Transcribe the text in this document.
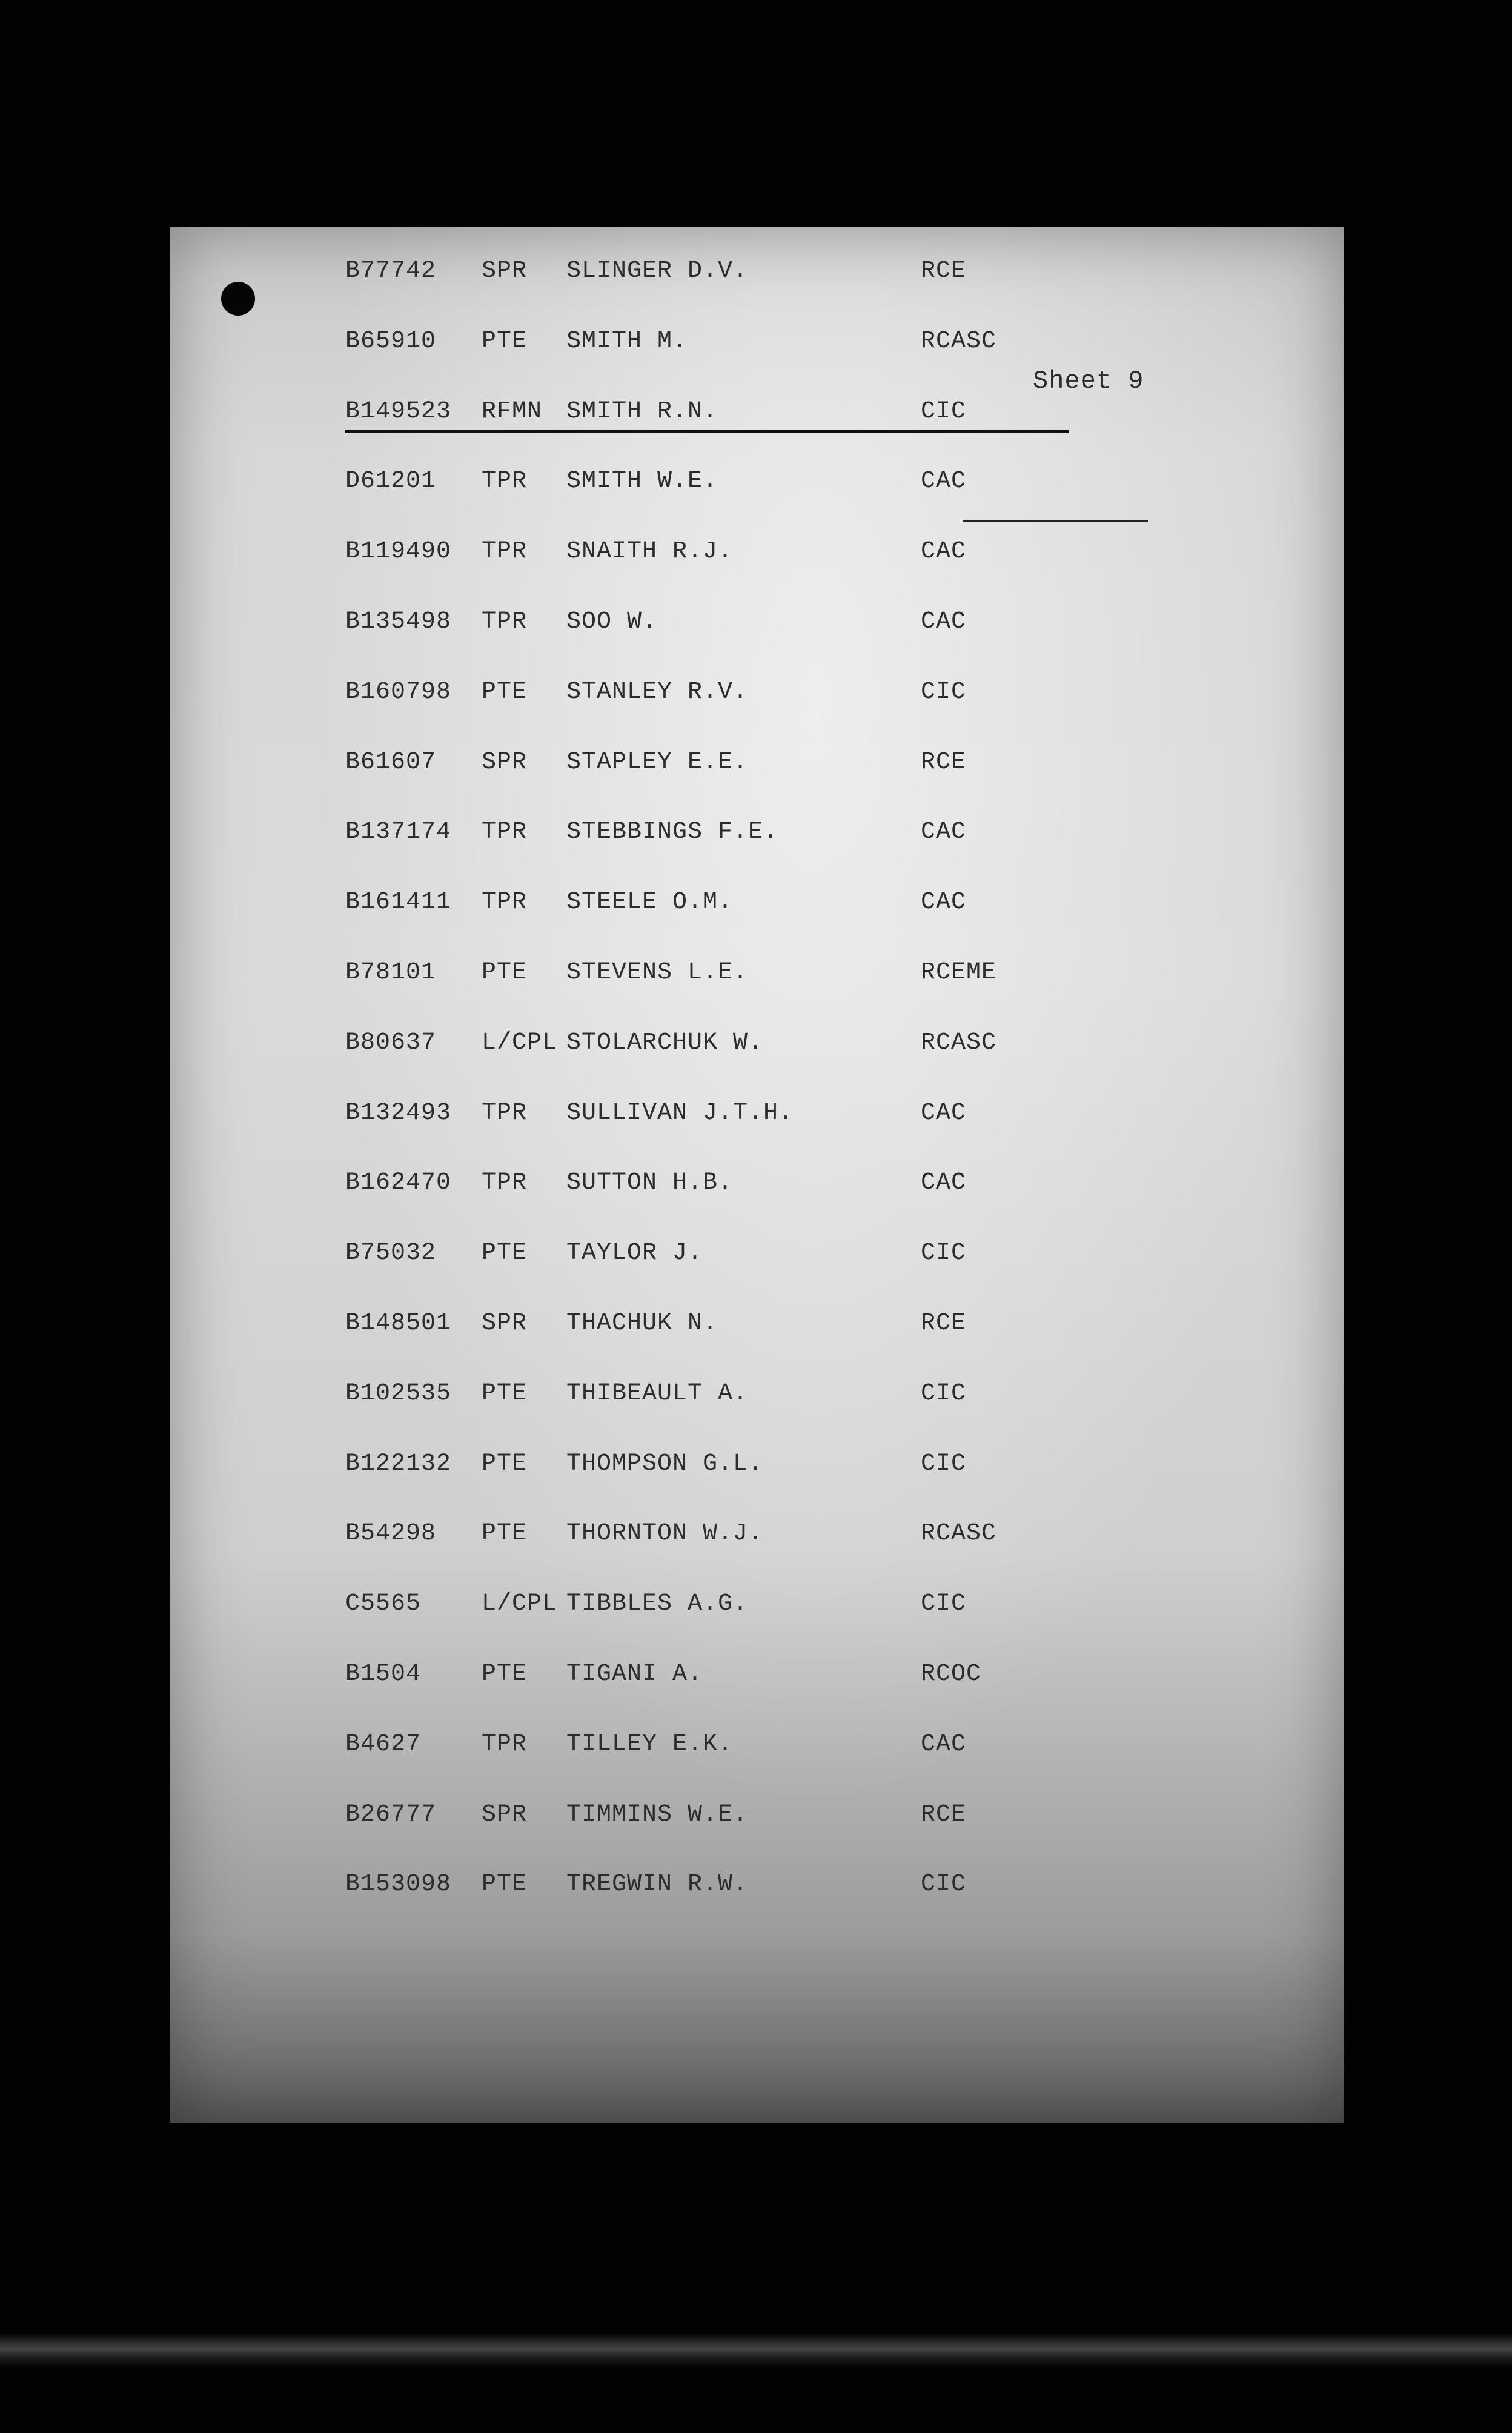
Sheet 9
B77742 SPR SLINGER D.V.	RCE
B65910 PTE SMITH M.	RCASC
B149523 RFMN SMITH R.N.	CIC
D61201 TPR SMITH W.E.	CAC
B119490 TPR SNAITH R.J.	CAC
B135498 TPR SOO W.	CAC
B160798 PTE STANLEY R.V.	CIC
B61607 SPR STAPLEY E.E.	RCE
B137174 TPR STEBBINGS F.E.	CAC
B161411 TPR STEELE O.M.	CAC
B78101 PTE STEVENS L.E.	RCEME
B80637 L/CPL STOLARCHUK W.	RCASC
B132493 TPR SULLIVAN J.T.H.	CAC
B162470 TPR SUTTON H.B.	CAC
B75032 PTE TAYLOR J.	CIC
B148501 SPR THACHUK N.	RCE
B102535 PTE THIBEAULT A.	CIC
B122132 PTE THOMPSON G.L.	CIC
B54298 PTE THORNTON W.J.	RCASC
C5565 L/CPL TIBBLES A.G.	CIC
B1504 PTE TIGANI A.	RCOC
B4627 TPR TILLEY E.K.	CAC
B26777 SPR TIMMINS W.E.	RCE
B153098 PTE TREGWIN R.W.	CIC
